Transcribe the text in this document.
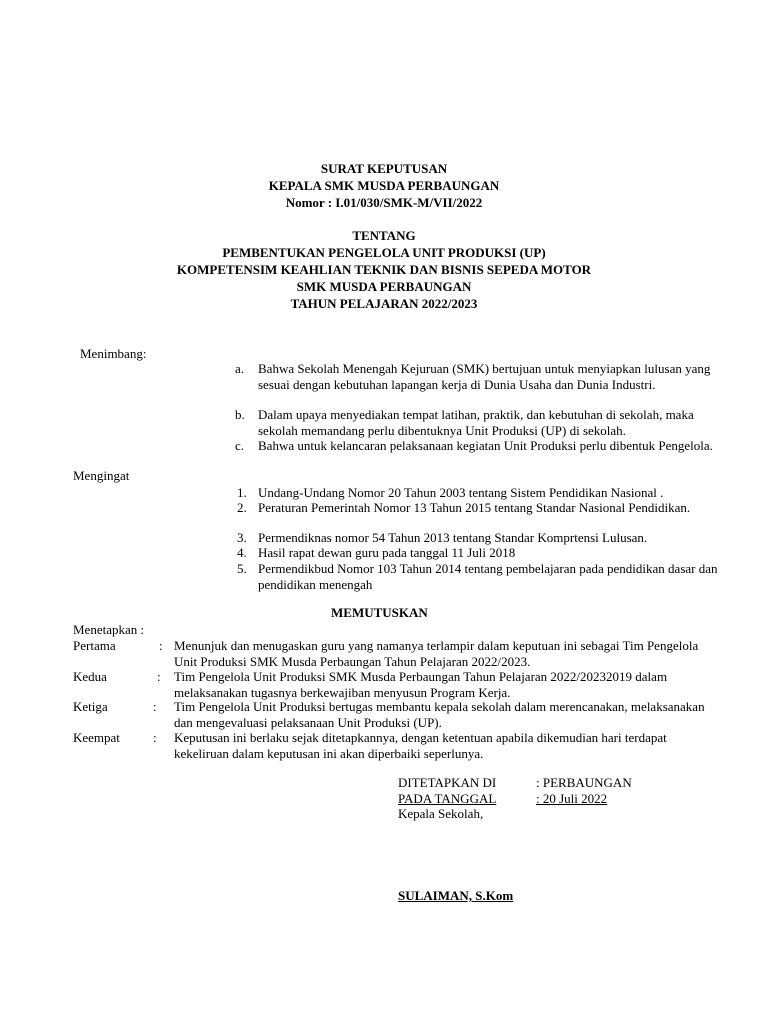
SURAT KEPUTUSAN
KEPALA SMK MUSDA PERBAUNGAN
Nomor : I.01/030/SMK-M/VII/2022
TENTANG
PEMBENTUKAN PENGELOLA UNIT PRODUKSI (UP)
KOMPETENSIM KEAHLIAN TEKNIK DAN BISNIS SEPEDA MOTOR
SMK MUSDA PERBAUNGAN
TAHUN PELAJARAN 2022/2023
Menimbang:
a. Bahwa Sekolah Menengah Kejuruan (SMK) bertujuan untuk menyiapkan lulusan yang sesuai dengan kebutuhan lapangan kerja di Dunia Usaha dan Dunia Industri.
b. Dalam upaya menyediakan tempat latihan, praktik, dan kebutuhan di sekolah, maka sekolah memandang perlu dibentuknya Unit Produksi (UP) di sekolah.
c. Bahwa untuk kelancaran pelaksanaan kegiatan Unit Produksi perlu dibentuk Pengelola.
Mengingat
1. Undang-Undang Nomor 20 Tahun 2003 tentang Sistem Pendidikan Nasional .
2. Peraturan Pemerintah Nomor 13 Tahun 2015 tentang Standar Nasional Pendidikan.
3. Permendiknas nomor 54 Tahun 2013 tentang Standar Komprtensi Lulusan.
4. Hasil rapat dewan guru pada tanggal 11 Juli 2018
5. Permendikbud Nomor 103 Tahun 2014 tentang pembelajaran pada pendidikan dasar dan pendidikan menengah
MEMUTUSKAN
Menetapkan :
Pertama	: Menunjuk dan menugaskan guru yang namanya terlampir dalam keputuan ini sebagai Tim Pengelola Unit Produksi SMK Musda Perbaungan Tahun Pelajaran 2022/2023.
Kedua	: Tim Pengelola Unit Produksi SMK Musda Perbaungan Tahun Pelajaran 2022/20232019 dalam melaksanakan tugasnya berkewajiban menyusun Program Kerja.
Ketiga	: Tim Pengelola Unit Produksi bertugas membantu kepala sekolah dalam merencanakan, melaksanakan dan mengevaluasi pelaksanaan Unit Produksi (UP).
Keempat	: Keputusan ini berlaku sejak ditetapkannya, dengan ketentuan apabila dikemudian hari terdapat kekeliruan dalam keputusan ini akan diperbaiki seperlunya.
DITETAPKAN DI	: PERBAUNGAN
PADA TANGGAL	: 20 Juli 2022
Kepala Sekolah,
SULAIMAN, S.Kom
